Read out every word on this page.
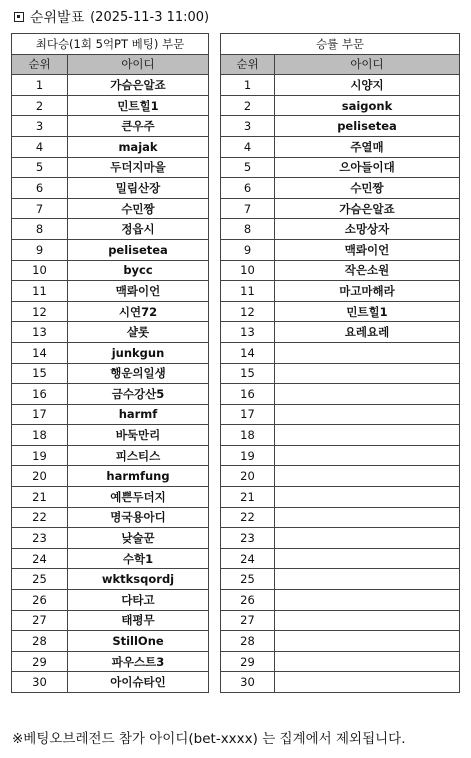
순위발표 (2025-11-3 11:00)
최다승(1회 5억PT 베팅) 부문	
순위	아이디
1	가슴은알죠
2	민트힐1
3	큰우주
4	majak
5	두더지마을
6	밀림산장
7	수민짱
8	정읍시
9	pelisetea
10	bycc
11	맥롸이언
12	시연72
13	샬롯
14	junkgun
15	행운의일생
16	금수강산5
17	harmf
18	바둑만리
19	피스티스
20	harmfung
21	예쁜두더지
22	명국용아디
23	낮술꾼
24	수학1
25	wktksqordj
26	다타고
27	태평무
28	StillOne
29	파우스트3
30	아이슈타인
승률 부문	
순위	아이디
1	시양지
2	saigonk
3	pelisetea
4	주열매
5	으아들이대
6	수민짱
7	가슴은알죠
8	소망상자
9	맥롸이언
10	작은소원
11	마고마해라
12	민트힐1
13	요레요레
14	
15	
16	
17	
18	
19	
20	
21	
22	
23	
24	
25	
26	
27	
28	
29	
30	
※베팅오브레전드 참가 아이디(bet-xxxx) 는 집계에서 제외됩니다.
